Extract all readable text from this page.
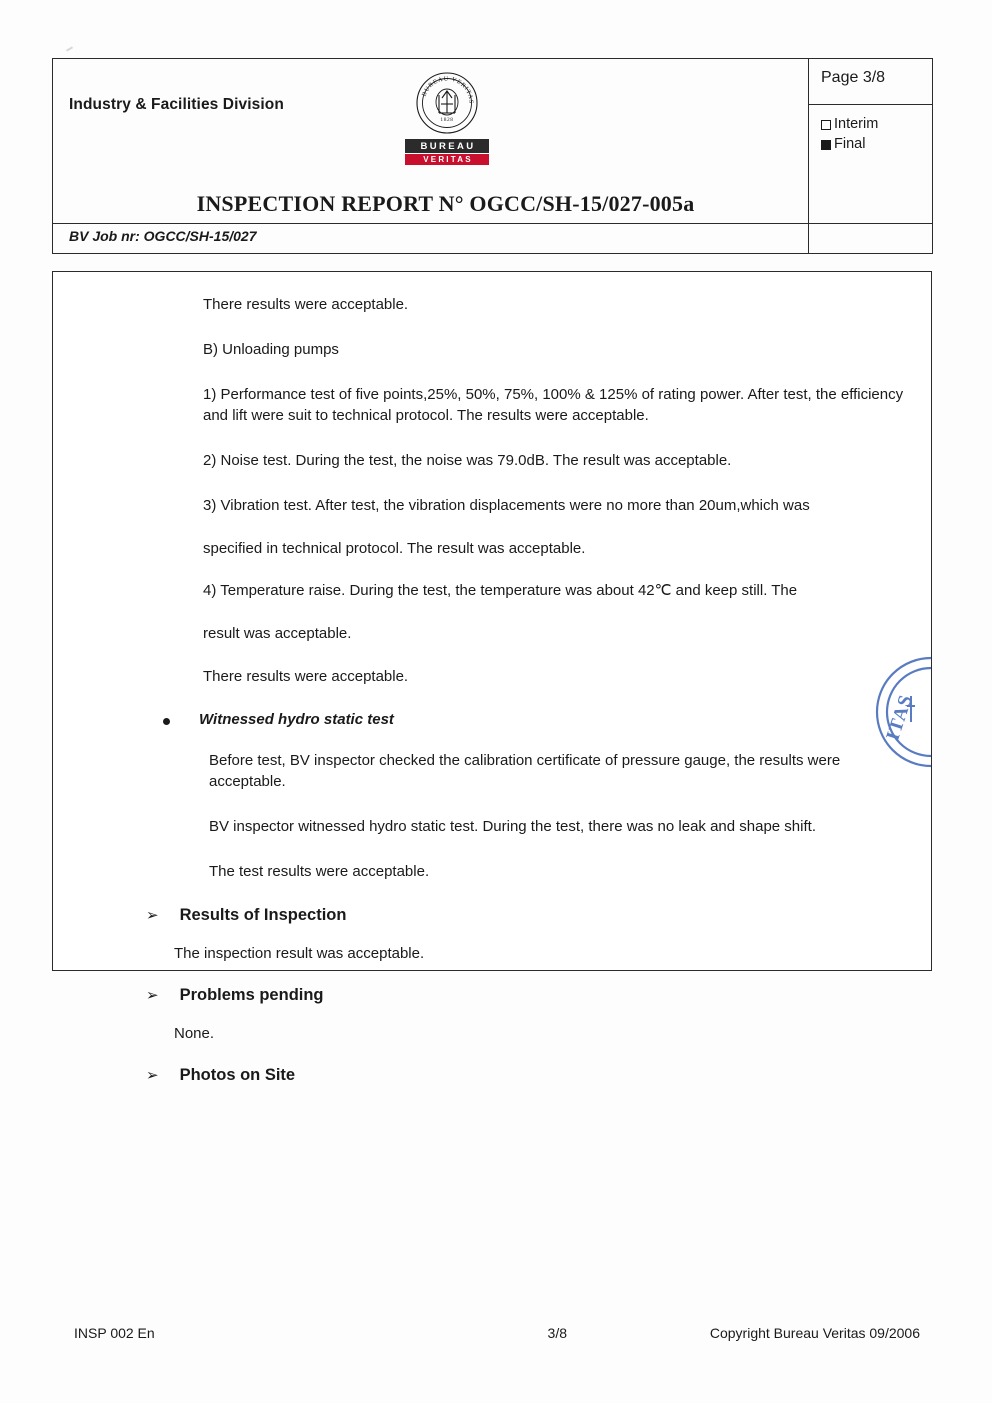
Industry & Facilities Division
BUREAU VERITAS
1828
BUREAU
VERITAS
INSPECTION REPORT N° OGCC/SH-15/027-005a
	Page 3/8

	Interim
Final

BV Job nr: OGCC/SH-15/027	

There results were acceptable.

B) Unloading pumps

1) Performance test of five points,25%, 50%, 75%, 100% & 125% of rating power. After test, the efficiency and lift were suit to technical protocol. The results were acceptable.

2) Noise test. During the test, the noise was 79.0dB. The result was acceptable.

3) Vibration test. After test, the vibration displacements were no more than 20um,which was

specified in technical protocol. The result was acceptable.

4) Temperature raise. During the test, the temperature was about 42℃ and keep still. The

result was acceptable.

There results were acceptable.

Witnessed hydro static test

Before test, BV inspector checked the calibration certificate of pressure gauge, the results were acceptable.

BV inspector witnessed hydro static test. During the test, there was no leak and shape shift.

The test results were acceptable.

➢ Results of Inspection

The inspection result was acceptable.

➢ Problems pending

None.

➢ Photos on Site
ITAS
INSP 002 En	3/8	Copyright Bureau Veritas 09/2006
